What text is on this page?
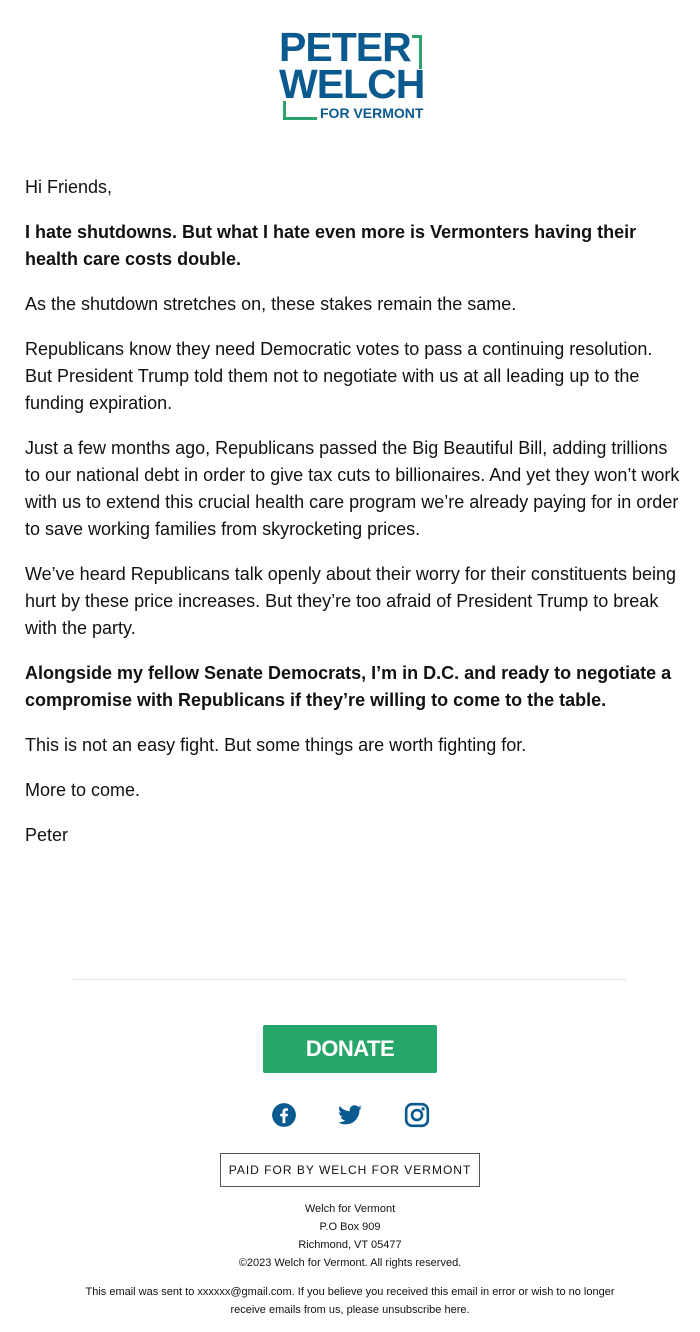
PETER
WELCH
FOR VERMONT

Hi Friends,

I hate shutdowns. But what I hate even more is Vermonters having their health care costs double.

As the shutdown stretches on, these stakes remain the same.

Republicans know they need Democratic votes to pass a continuing resolution. But President Trump told them not to negotiate with us at all leading up to the funding expiration.

Just a few months ago, Republicans passed the Big Beautiful Bill, adding trillions to our national debt in order to give tax cuts to billionaires. And yet they won’t work with us to extend this crucial health care program we’re already paying for in order to save working families from skyrocketing prices.

We’ve heard Republicans talk openly about their worry for their constituents being hurt by these price increases. But they’re too afraid of President Trump to break with the party.

Alongside my fellow Senate Democrats, I’m in D.C. and ready to negotiate a compromise with Republicans if they’re willing to come to the table.

This is not an easy fight. But some things are worth fighting for.

More to come.

Peter

DONATE
PAID FOR BY WELCH FOR VERMONT
Welch for Vermont
P.O Box 909
Richmond, VT 05477
©2023 Welch for Vermont. All rights reserved.
This email was sent to xxxxxx@gmail.com. If you believe you received this email in error or wish to no longer receive emails from us, please unsubscribe here.
